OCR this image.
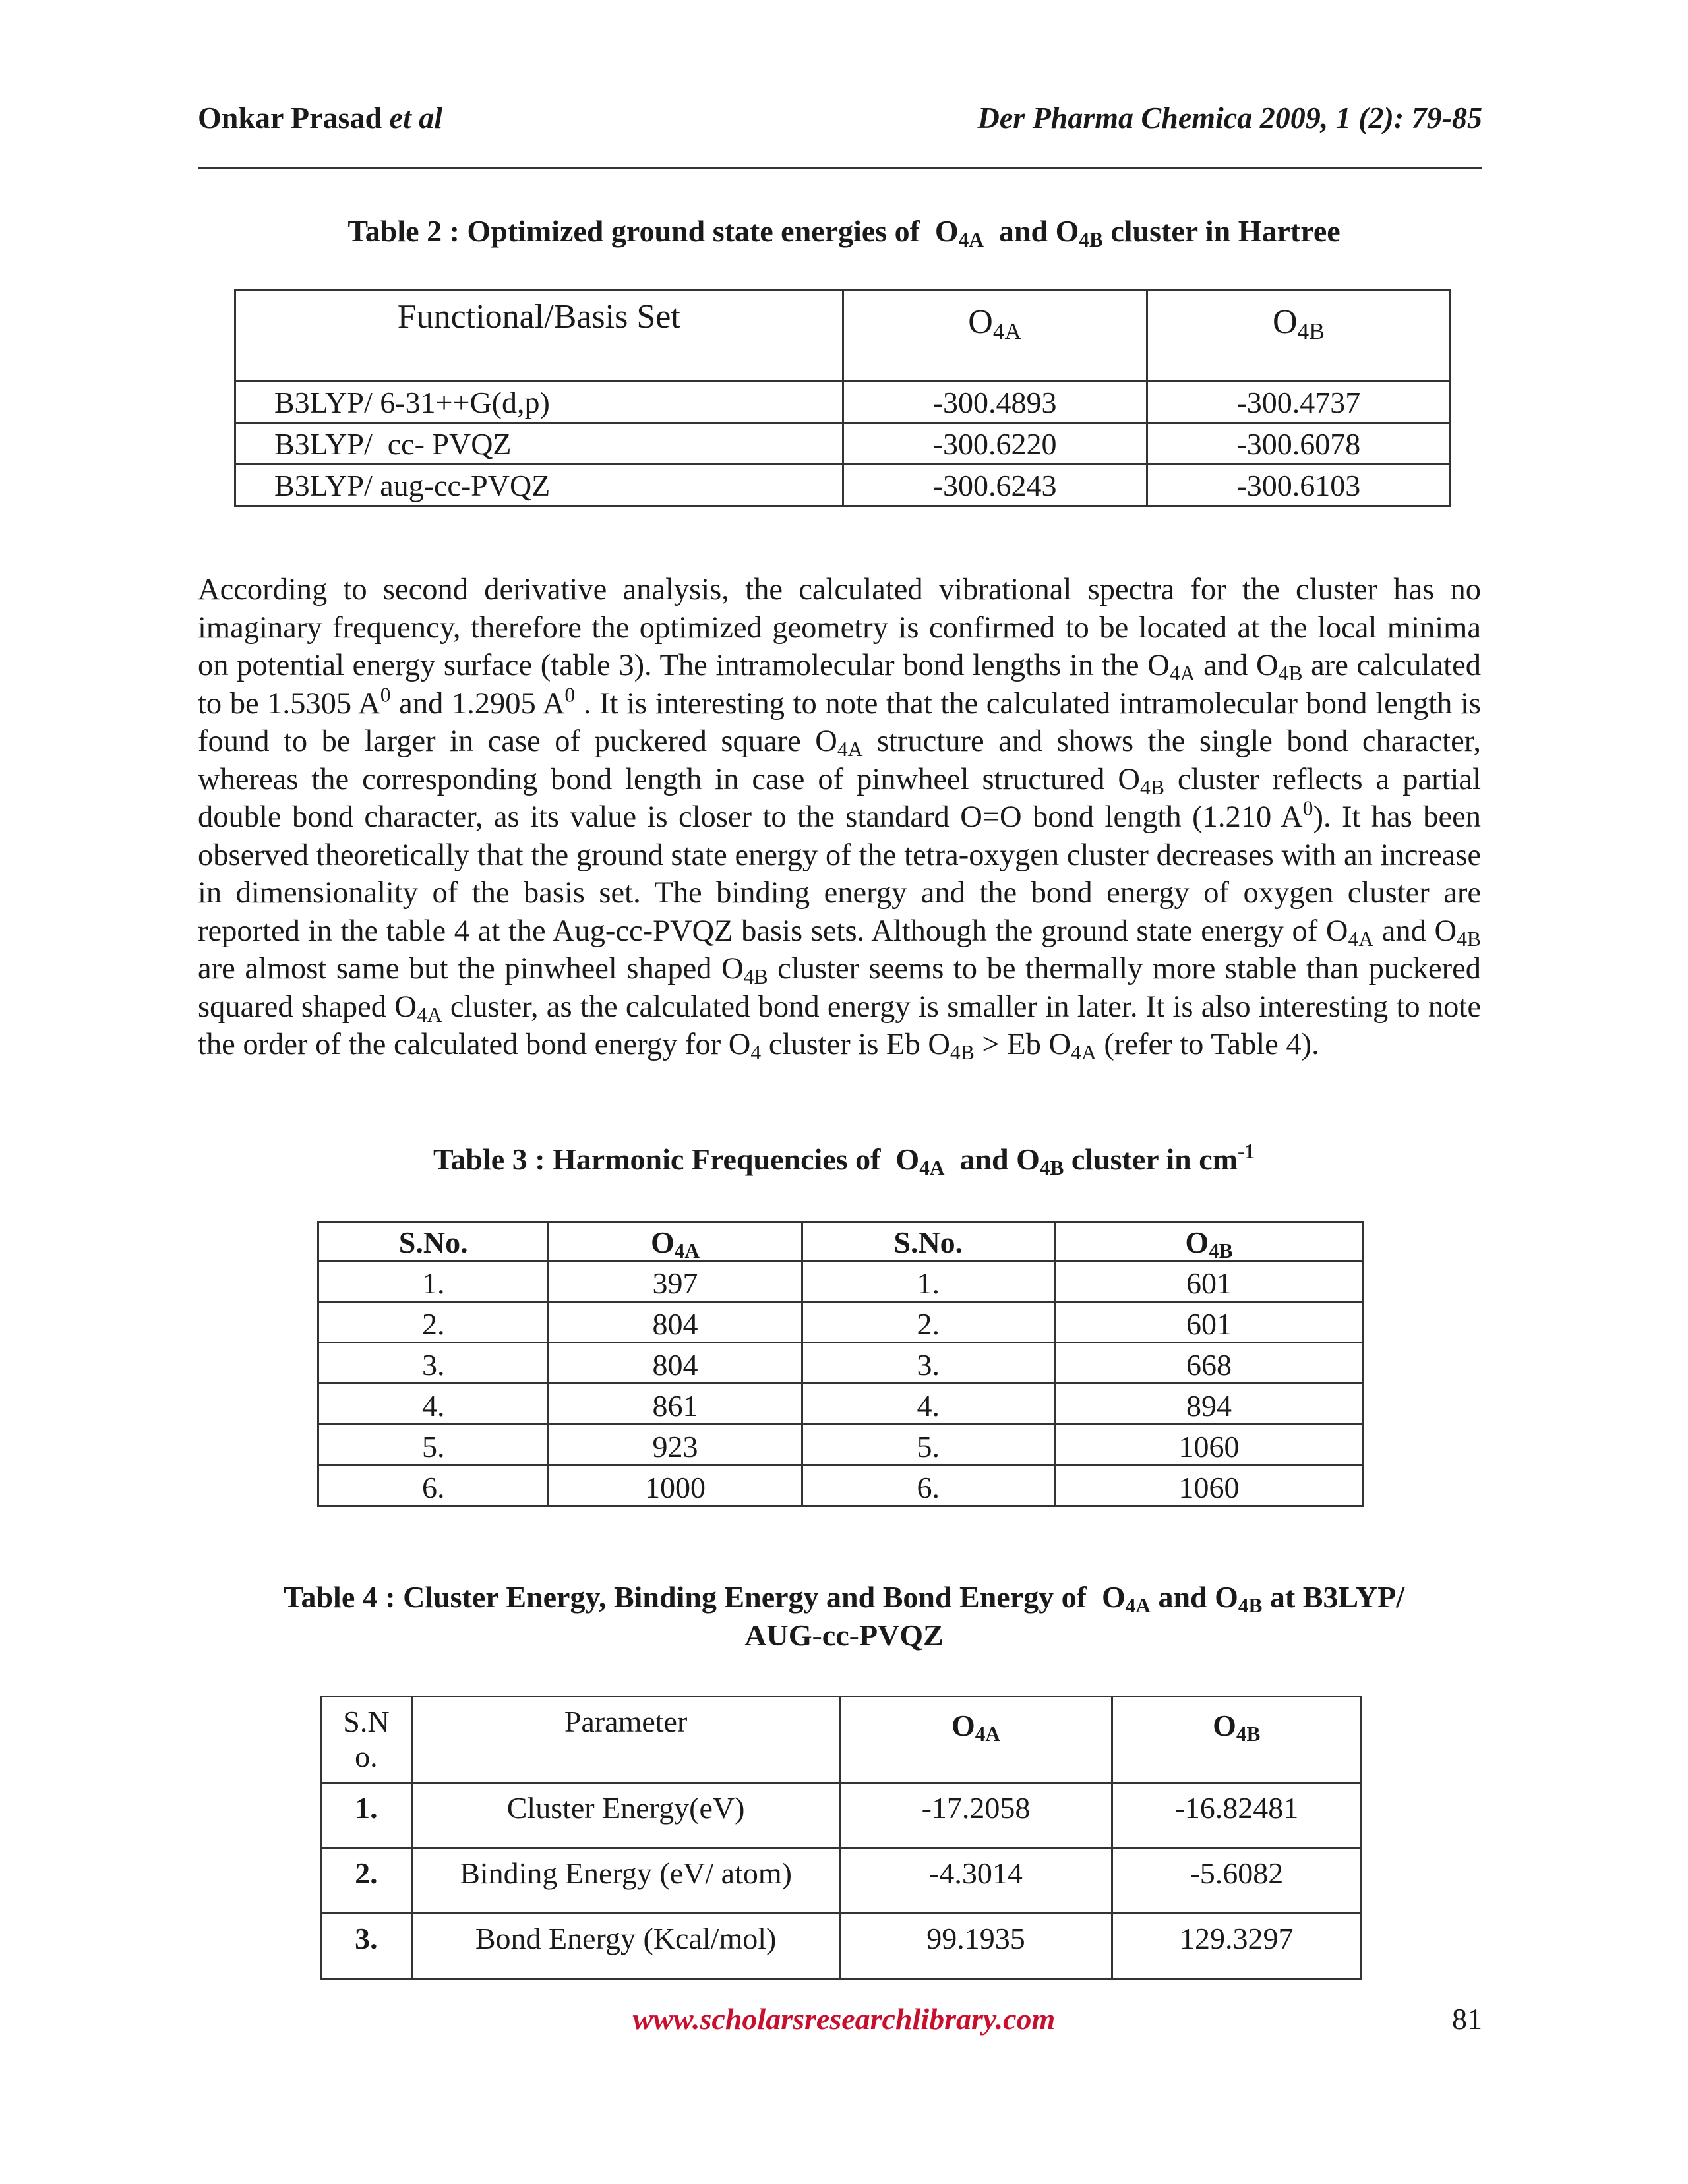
Onkar Prasad et al	Der Pharma Chemica 2009, 1 (2): 79-85
Table 2 : Optimized ground state energies of $O_{4A}$ and $O_{4B}$ cluster in Hartree
Functional/Basis Set	$O_{4A}$	$O_{4B}$
B3LYP/ 6-31++G(d,p)	-300.4893	-300.4737
B3LYP/  cc- PVQZ	-300.6220	-300.6078
B3LYP/ aug-cc-PVQZ	-300.6243	-300.6103

According to second derivative analysis, the calculated vibrational spectra for the cluster has no imaginary frequency, therefore the optimized geometry is confirmed to be located at the local minima on potential energy surface (table 3). The intramolecular bond lengths in the $O_{4A}$ and $O_{4B}$ are calculated to be 1.5305 $A^0$ and 1.2905 $A^0$ . It is interesting to note that the calculated intramolecular bond length is found to be larger in case of puckered square $O_{4A}$ structure and shows the single bond character, whereas the corresponding bond length in case of pinwheel structured $O_{4B}$ cluster reflects a partial double bond character, as its value is closer to the standard O=O bond length (1.210 $A^0$). It has been observed theoretically that the ground state energy of the tetra-oxygen cluster decreases with an increase in dimensionality of the basis set. The binding energy and the bond energy of oxygen cluster are reported in the table 4 at the Aug-cc-PVQZ basis sets. Although the ground state energy of $O_{4A}$ and $O_{4B}$ are almost same but the pinwheel shaped $O_{4B}$ cluster seems to be thermally more stable than puckered squared shaped $O_{4A}$ cluster, as the calculated bond energy is smaller in later. It is also interesting to note the order of the calculated bond energy for $O_4$ cluster is Eb $O_{4B} > Eb$ $O_{4A}$ (refer to Table 4).

Table 3 : Harmonic Frequencies of $O_{4A}$ and $O_{4B}$ cluster in $cm^{-1}$
S.No.	$O_{4A}$	S.No.	$O_{4B}$
1.	397	1.	601
2.	804	2.	601
3.	804	3.	668
4.	861	4.	894
5.	923	5.	1060
6.	1000	6.	1060
Table 4 : Cluster Energy, Binding Energy and Bond Energy of $O_{4A}$ and $O_{4B}$ at B3LYP/
AUG-cc-PVQZ
S.N
o.	Parameter	$O_{4A}$	$O_{4B}$
1.	Cluster Energy(eV)	-17.2058	-16.82481
2.	Binding Energy (eV/ atom)	-4.3014	-5.6082
3.	Bond Energy (Kcal/mol)	99.1935	129.3297
www.scholarsresearchlibrary.com	81
